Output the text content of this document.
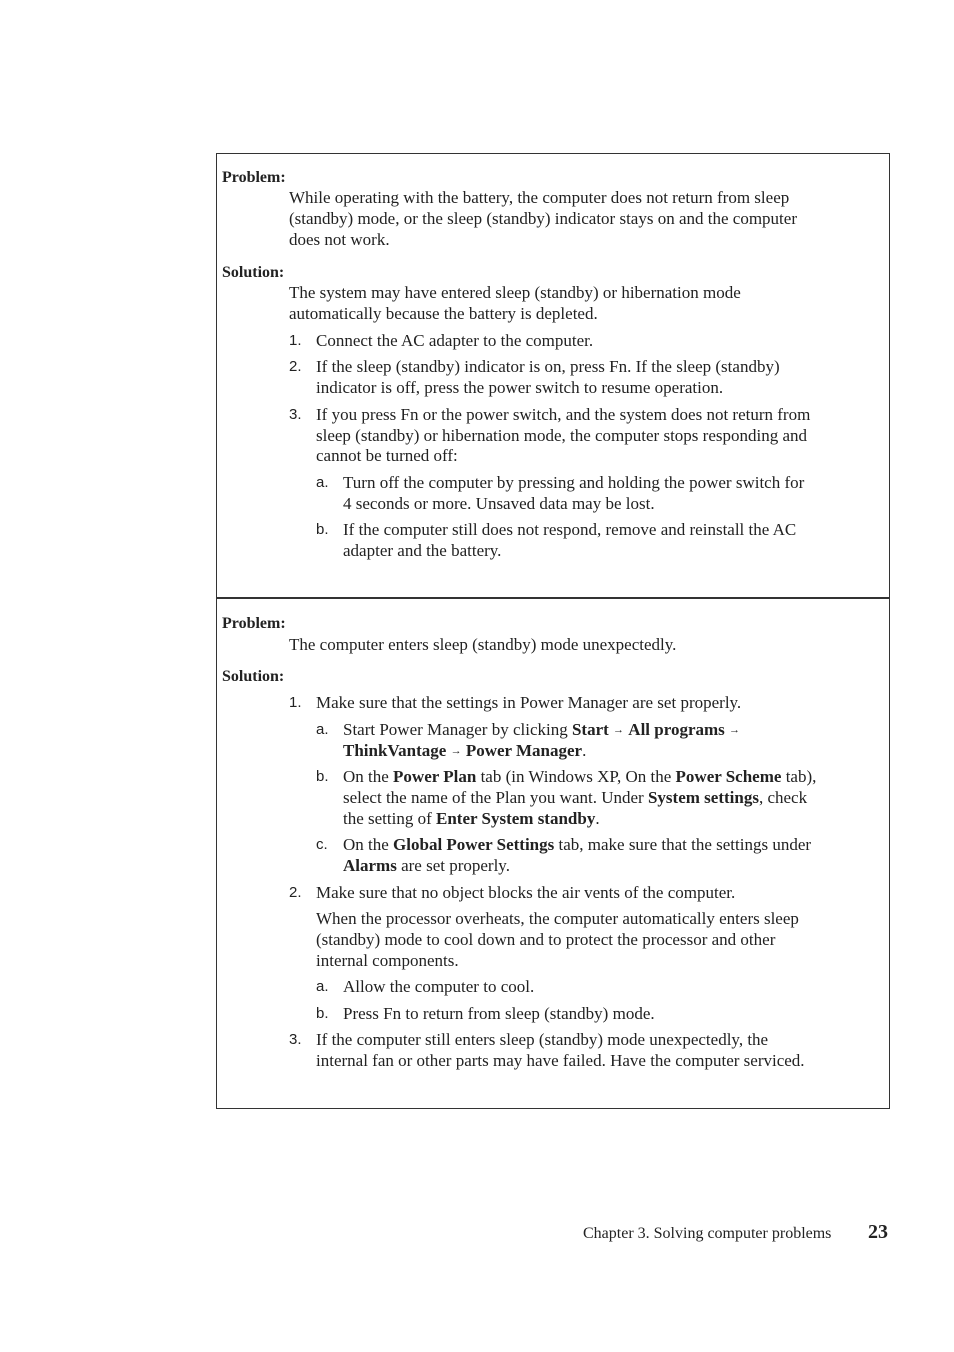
Problem:
While operating with the battery, the computer does not return from sleep
(standby) mode, or the sleep (standby) indicator stays on and the computer
does not work.
Solution:
The system may have entered sleep (standby) or hibernation mode
automatically because the battery is depleted.
1. Connect the AC adapter to the computer.
2. If the sleep (standby) indicator is on, press Fn. If the sleep (standby)
indicator is off, press the power switch to resume operation.
3. If you press Fn or the power switch, and the system does not return from
sleep (standby) or hibernation mode, the computer stops responding and
cannot be turned off:
a. Turn off the computer by pressing and holding the power switch for
4 seconds or more. Unsaved data may be lost.
b. If the computer still does not respond, remove and reinstall the AC
adapter and the battery.
Problem:
The computer enters sleep (standby) mode unexpectedly.
Solution:
1. Make sure that the settings in Power Manager are set properly.
a. Start Power Manager by clicking Start → All programs →
ThinkVantage → Power Manager.
b. On the Power Plan tab (in Windows XP, On the Power Scheme tab),
select the name of the Plan you want. Under System settings, check
the setting of Enter System standby.
c. On the Global Power Settings tab, make sure that the settings under
Alarms are set properly.
2. Make sure that no object blocks the air vents of the computer.
When the processor overheats, the computer automatically enters sleep
(standby) mode to cool down and to protect the processor and other
internal components.
a. Allow the computer to cool.
b. Press Fn to return from sleep (standby) mode.
3. If the computer still enters sleep (standby) mode unexpectedly, the
internal fan or other parts may have failed. Have the computer serviced.
Chapter 3. Solving computer problems 23
